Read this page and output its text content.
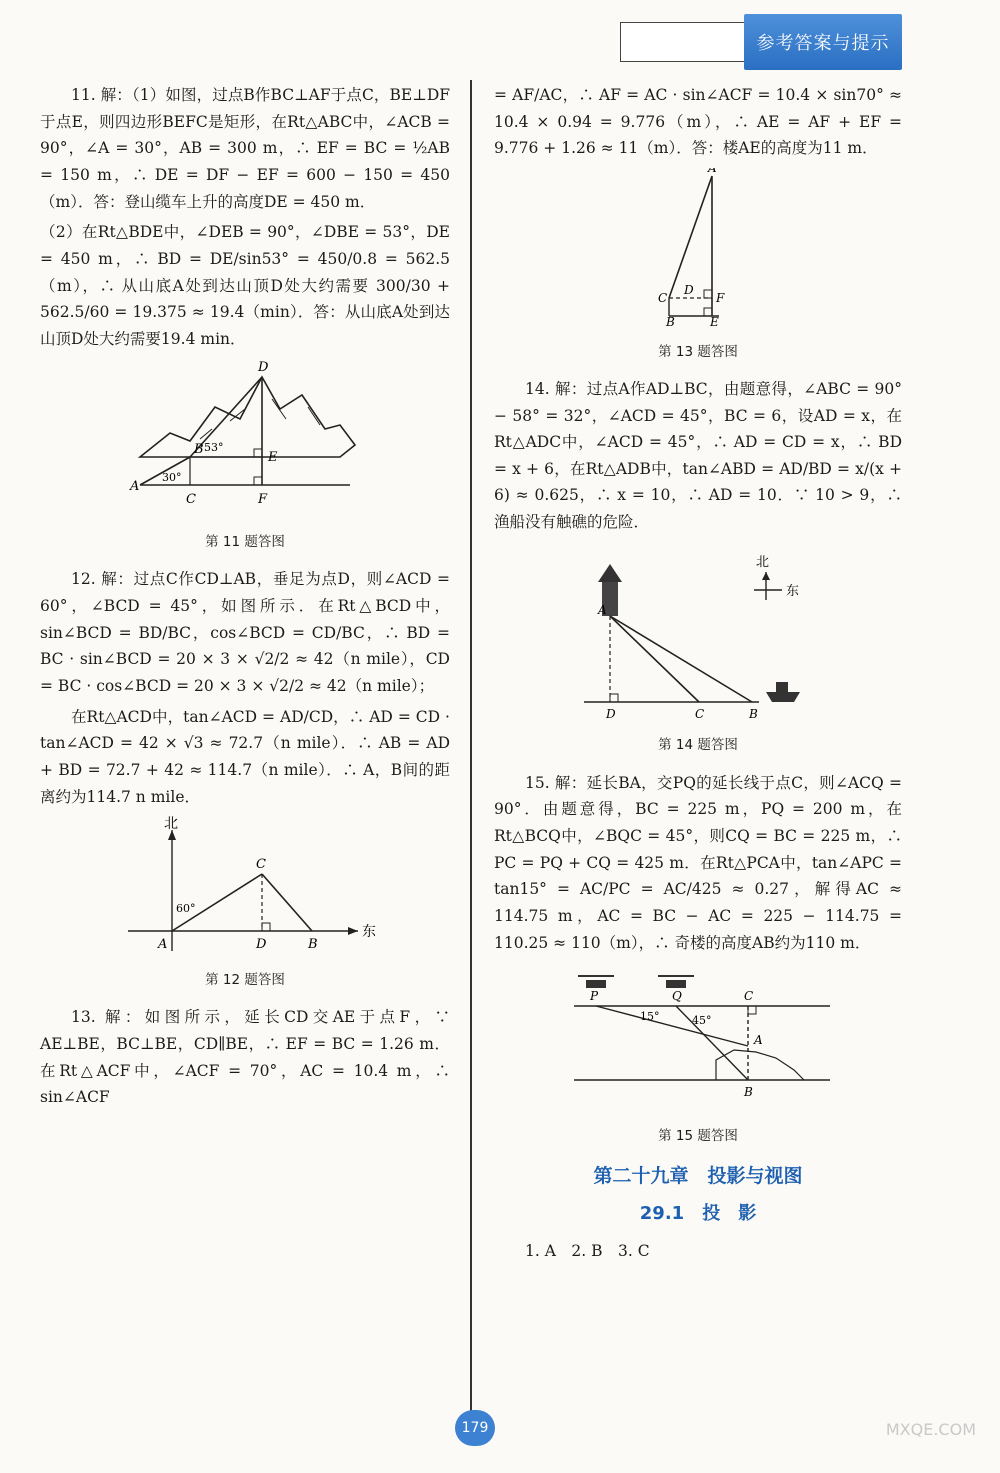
参考答案与提示

11. 解：（1）如图，过点B作BC⊥AF于点C，BE⊥DF于点E，则四边形BEFC是矩形，在Rt△ABC中，∠ACB = 90°，∠A = 30°，AB = 300 m，∴ EF = BC = ½AB = 150 m，∴ DE = DF − EF = 600 − 150 = 450（m）．答：登山缆车上升的高度DE = 450 m．

（2）在Rt△BDE中，∠DEB = 90°，∠DBE = 53°，DE = 450 m，∴ BD = DE/sin53° = 450/0.8 = 562.5（m），∴ 从山底A处到达山顶D处大约需要 300/30 + 562.5/60 = 19.375 ≈ 19.4（min）．答：从山底A处到达山顶D处大约需要19.4 min．

A
B
C
D
E
F
30°
53°
第 11 题答图

12. 解：过点C作CD⊥AB，垂足为点D，则∠ACD = 60°，∠BCD = 45°，如图所示．在Rt△BCD中，sin∠BCD = BD/BC，cos∠BCD = CD/BC，∴ BD = BC · sin∠BCD = 20 × 3 × √2/2 ≈ 42（n mile），CD = BC · cos∠BCD = 20 × 3 × √2/2 ≈ 42（n mile）；

在Rt△ACD中，tan∠ACD = AD/CD，∴ AD = CD · tan∠ACD = 42 × √3 ≈ 72.7（n mile）．∴ AB = AD + BD = 72.7 + 42 ≈ 114.7（n mile）．∴ A，B间的距离约为114.7 n mile．

北
东
A	B
C
D
60°
第 12 题答图

13. 解：如图所示，延长CD交AE于点F，∵ AE⊥BE，BC⊥BE，CD∥BE，∴ EF = BC = 1.26 m．在Rt△ACF中，∠ACF = 70°，AC = 10.4 m，∴ sin∠ACF

= AF/AC，∴ AF = AC · sin∠ACF = 10.4 × sin70° ≈ 10.4 × 0.94 = 9.776（m），∴ AE = AF + EF = 9.776 + 1.26 ≈ 11（m）．答：楼AE的高度为11 m．

A
B
C
D
E
F
第 13 题答图

14. 解：过点A作AD⊥BC，由题意得，∠ABC = 90° − 58° = 32°，∠ACD = 45°，BC = 6，设AD = x，在Rt△ADC中，∠ACD = 45°，∴ AD = CD = x，∴ BD = x + 6，在Rt△ADB中，tan∠ABD = AD/BD = x/(x + 6) ≈ 0.625，∴ x = 10，∴ AD = 10．∵ 10 > 9，∴ 渔船没有触礁的危险．

北
东
A
B
C
D
第 14 题答图

15. 解：延长BA，交PQ的延长线于点C，则∠ACQ = 90°．由题意得，BC = 225 m，PQ = 200 m，在Rt△BCQ中，∠BQC = 45°，则CQ = BC = 225 m，∴ PC = PQ + CQ = 425 m．在Rt△PCA中，tan∠APC = tan15° = AC/PC = AC/425 ≈ 0.27，解得AC ≈ 114.75 m，AC = BC − AC = 225 − 114.75 = 110.25 ≈ 110（m），∴ 奇楼的高度AB约为110 m．

P	Q	C
A
B
15°	45°
第 15 题答图
第二十九章　投影与视图
29.1　投　影

1. A　2. B　3. C

179	MXQE.COM
